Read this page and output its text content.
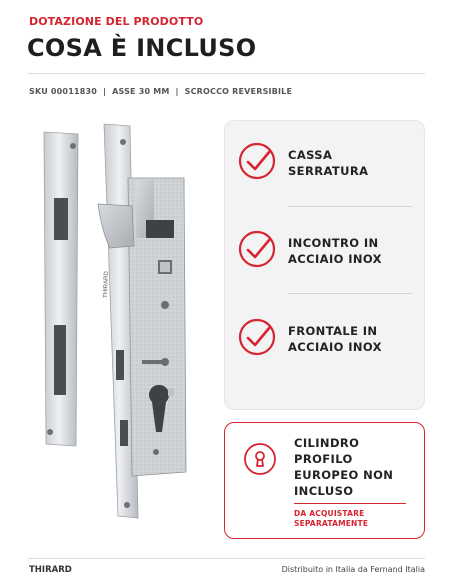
DOTAZIONE DEL PRODOTTO
COSA È INCLUSO
SKU 00011830  |  ASSE 30 MM  |  SCROCCO REVERSIBILE
THIRARD
CASSA
SERRATURA
INCONTRO IN
ACCIAIO INOX
FRONTALE IN
ACCIAIO INOX
CILINDRO
PROFILO
EUROPEO NON
INCLUSO
DA ACQUISTARE
SEPARATAMENTE
THIRARD	Distribuito in Italia da Fernand Italia
